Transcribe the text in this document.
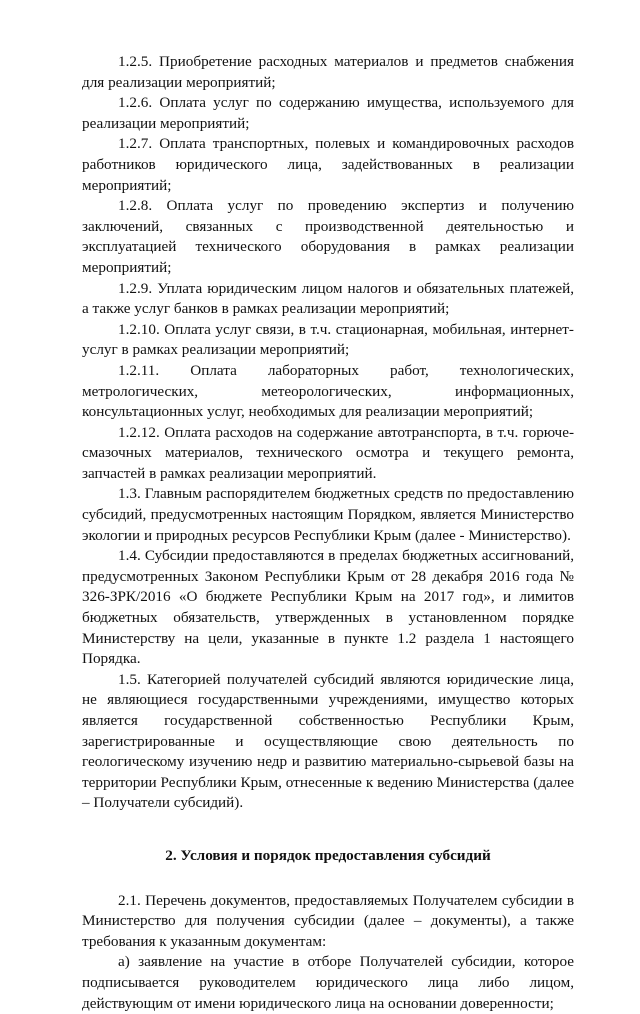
1.2.5. Приобретение расходных материалов и предметов снабжения для реализации мероприятий;

1.2.6. Оплата услуг по содержанию имущества, используемого для реализации мероприятий;

1.2.7. Оплата транспортных, полевых и командировочных расходов работников юридического лица, задействованных в реализации мероприятий;

1.2.8. Оплата услуг по проведению экспертиз и получению заключений, связанных с производственной деятельностью и эксплуатацией технического оборудования в рамках реализации мероприятий;

1.2.9. Уплата юридическим лицом налогов и обязательных платежей, а также услуг банков в рамках реализации мероприятий;

1.2.10. Оплата услуг связи, в т.ч. стационарная, мобильная, интернет-услуг в рамках реализации мероприятий;

1.2.11. Оплата лабораторных работ, технологических, метрологических, метеорологических, информационных, консультационных услуг, необходимых для реализации мероприятий;

1.2.12. Оплата расходов на содержание автотранспорта, в т.ч. горюче-смазочных материалов, технического осмотра и текущего ремонта, запчастей в рамках реализации мероприятий.

1.3. Главным распорядителем бюджетных средств по предоставлению субсидий, предусмотренных настоящим Порядком, является Министерство экологии и природных ресурсов Республики Крым (далее - Министерство).

1.4. Субсидии предоставляются в пределах бюджетных ассигнований, предусмотренных Законом Республики Крым от 28 декабря 2016 года № 326-ЗРК/2016 «О бюджете Республики Крым на 2017 год», и лимитов бюджетных обязательств, утвержденных в установленном порядке Министерству на цели, указанные в пункте 1.2 раздела 1 настоящего Порядка.

1.5. Категорией получателей субсидий являются юридические лица, не являющиеся государственными учреждениями, имущество которых является государственной собственностью Республики Крым, зарегистрированные и осуществляющие свою деятельность по геологическому изучению недр и развитию материально-сырьевой базы на территории Республики Крым, отнесенные к ведению Министерства (далее – Получатели субсидий).

2. Условия и порядок предоставления субсидий

2.1. Перечень документов, предоставляемых Получателем субсидии в Министерство для получения субсидии (далее – документы), а также требования к указанным документам:

а) заявление на участие в отборе Получателей субсидии, которое подписывается руководителем юридического лица либо лицом, действующим от имени юридического лица на основании доверенности;
